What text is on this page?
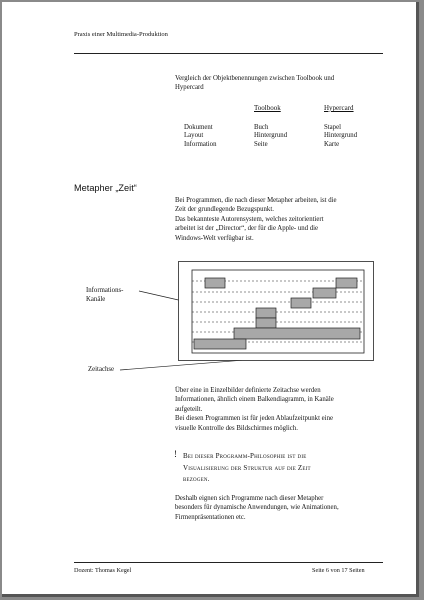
Praxis einer Multimedia-Produktion
Vergleich der Objektbenennungen zwischen Toolbook und
Hypercard
Toolbook	Hypercard
Dokument
Layout
Information
Buch
Hintergrund
Seite
Stapel
Hintergrund
Karte
Metapher „Zeit“
Bei Programmen, die nach dieser Metapher arbeiten, ist die
Zeit der grundlegende Bezugspunkt.
Das bekannteste Autorensystem, welches zeitorientiert
arbeitet ist der „Director“, der für die Apple- und die
Windows-Welt verfügbar ist.
Informations-
Kanäle
Zeitachse
Über eine in Einzelbilder definierte Zeitachse werden
Informationen, ähnlich einem Balkendiagramm, in Kanäle
aufgeteilt.
Bei diesen Programmen ist für jeden Ablaufzeitpunkt eine
visuelle Kontrolle des Bildschirmes möglich.
! Bei dieser Programm-Philosophie ist die
Visualisierung der Struktur auf die Zeit
bezogen.
Deshalb eignen sich Programme nach dieser Metapher
besonders für dynamische Anwendungen, wie Animationen,
Firmenpräsentationen etc.
Dozent: Thomas Kegel	Seite 6 von 17 Seiten
